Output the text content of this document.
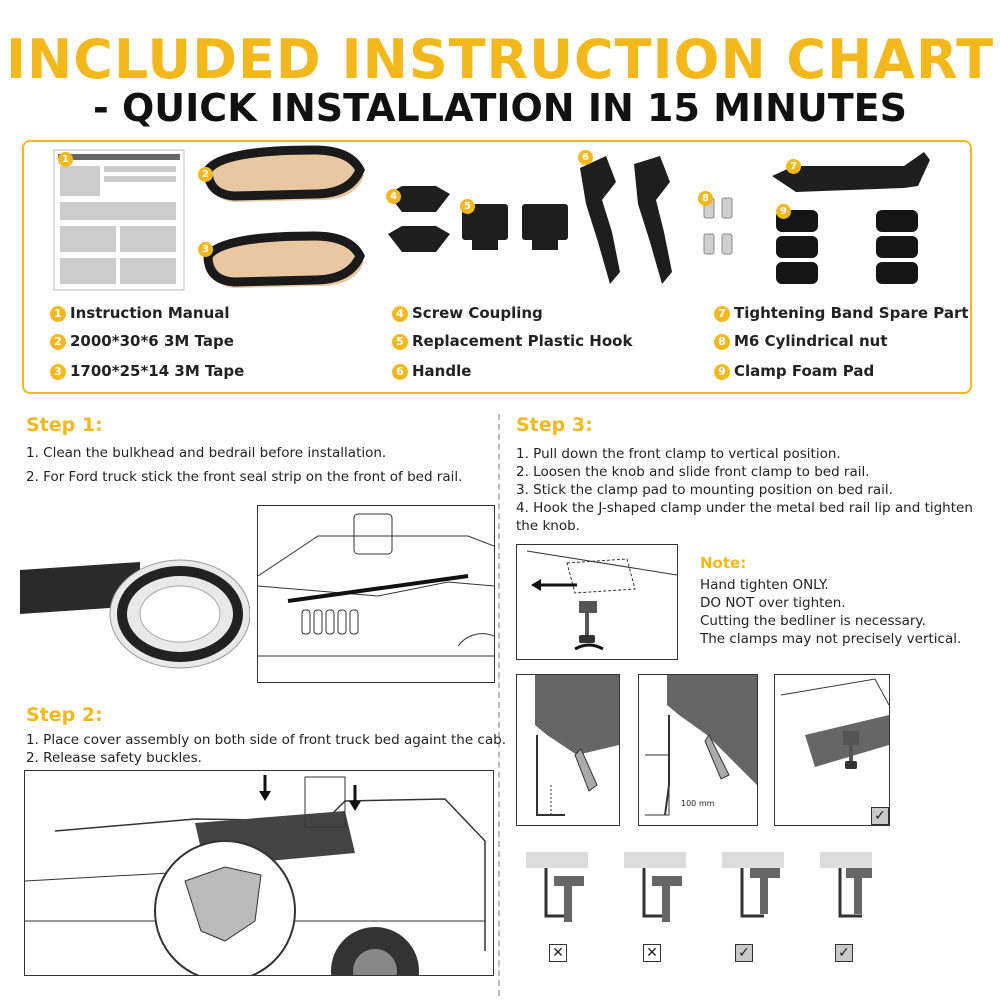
INCLUDED INSTRUCTION CHART
- QUICK INSTALLATION IN 15 MINUTES
1
2
3
4
5
6
7
8
9
1 Instruction Manual
2 2000*30*6 3M Tape
3 1700*25*14 3M Tape
4 Screw Coupling
5 Replacement Plastic Hook
6 Handle
7 Tightening Band Spare Part
8 M6 Cylindrical nut
9 Clamp Foam Pad
Step 1:
1. Clean the bulkhead and bedrail before installation.
2. For Ford truck stick the front seal strip on the front of bed rail.
Step 2:
1. Place cover assembly on both side of front truck bed againt the cab.
2. Release safety buckles.
Step 3:
1. Pull down the front clamp to vertical position.
2. Loosen the knob and slide front clamp to bed rail.
3. Stick the clamp pad to mounting position on bed rail.
4. Hook the J-shaped clamp under the metal bed rail lip and tighten
the knob.
Note:
Hand tighten ONLY.
DO NOT over tighten.
Cutting the bedliner is necessary.
The clamps may not precisely vertical.
100 mm
✓
✕	✕	✓	✓
